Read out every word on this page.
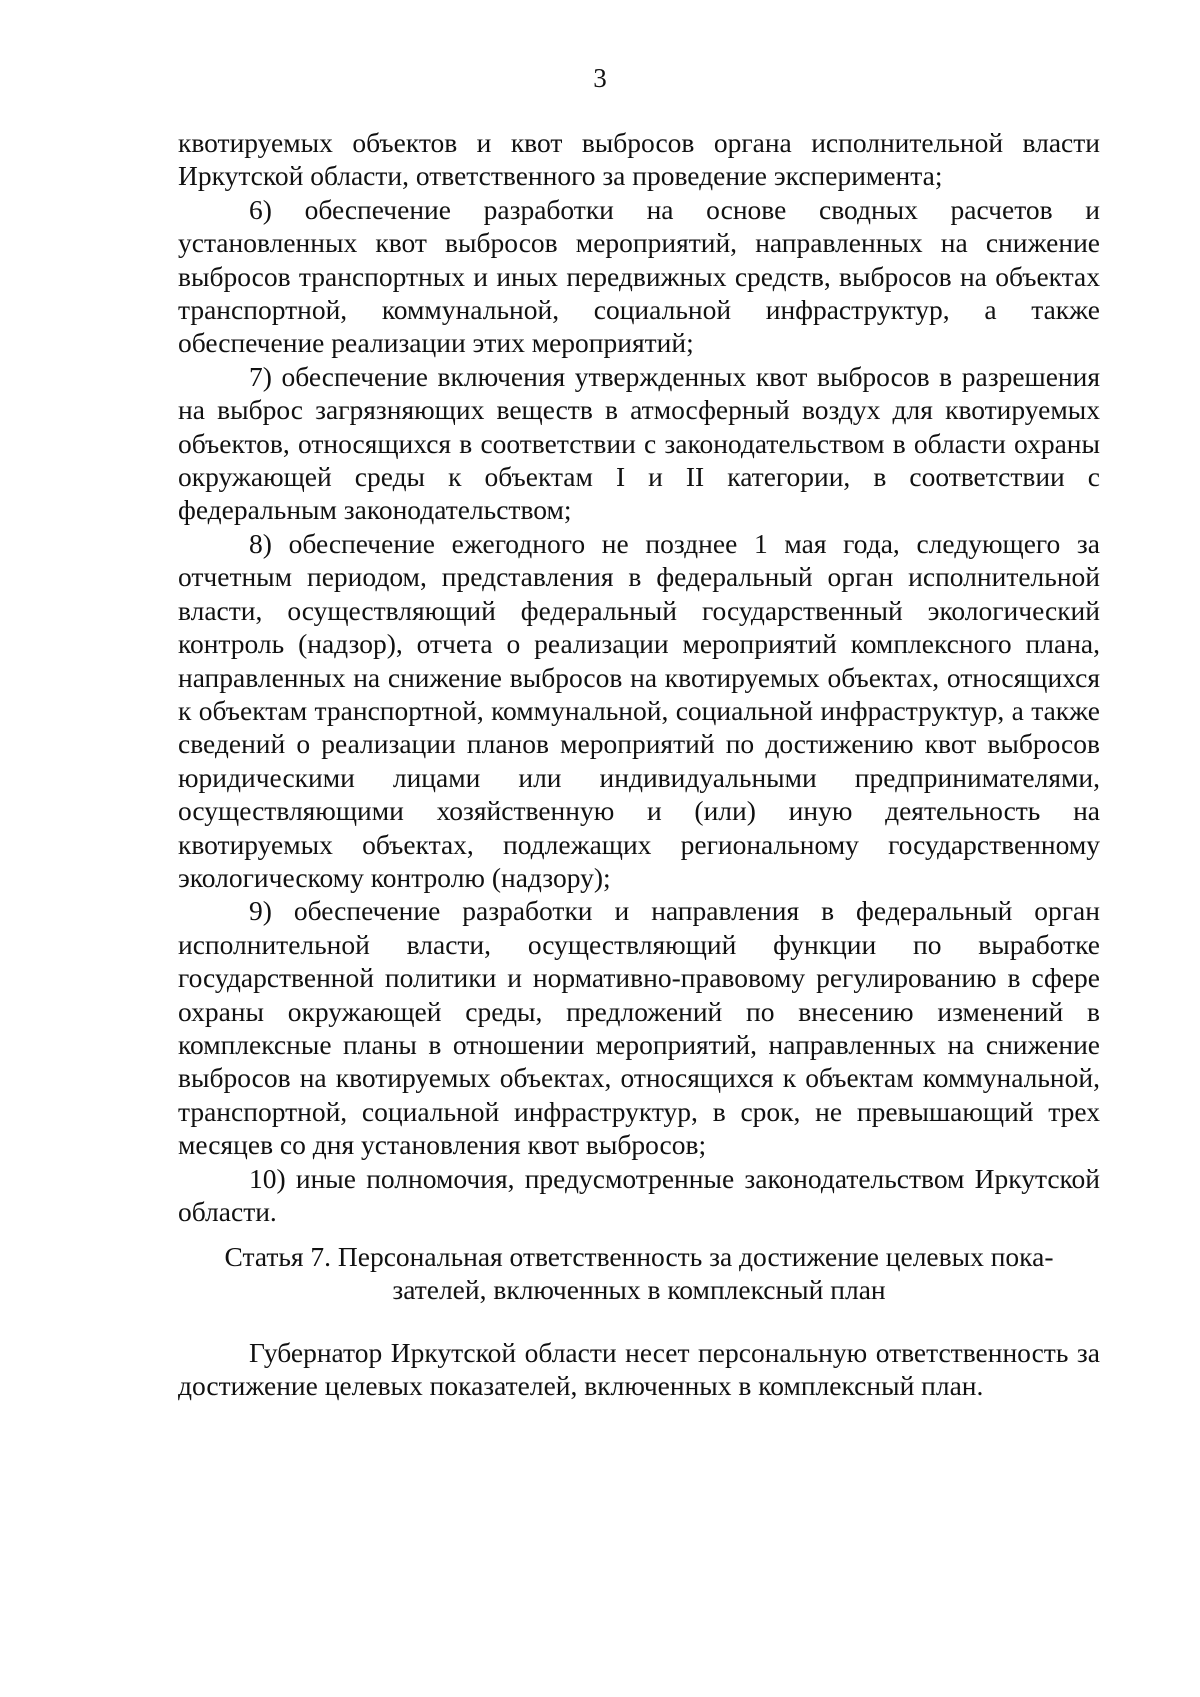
3

квотируемых объектов и квот выбросов органа исполнительной власти Иркутской области, ответственного за проведение эксперимента;

6) обеспечение разработки на основе сводных расчетов и установленных квот выбросов мероприятий, направленных на снижение выбросов транспортных и иных передвижных средств, выбросов на объектах транспортной, коммунальной, социальной инфраструктур, а также обеспечение реализации этих мероприятий;

7) обеспечение включения утвержденных квот выбросов в разрешения на выброс загрязняющих веществ в атмосферный воздух для квотируемых объектов, относящихся в соответствии с законодательством в области охраны окружающей среды к объектам I и II категории, в соответствии с федеральным законодательством;

8) обеспечение ежегодного не позднее 1 мая года, следующего за отчетным периодом, представления в федеральный орган исполнительной власти, осуществляющий федеральный государственный экологический контроль (надзор), отчета о реализации мероприятий комплексного плана, направленных на снижение выбросов на квотируемых объектах, относящихся к объектам транспортной, коммунальной, социальной инфраструктур, а также сведений о реализации планов мероприятий по достижению квот выбросов юридическими лицами или индивидуальными предпринимателями, осуществляющими хозяйственную и (или) иную деятельность на квотируемых объектах, подлежащих региональному государственному экологическому контролю (надзору);

9) обеспечение разработки и направления в федеральный орган исполнительной власти, осуществляющий функции по выработке государственной политики и нормативно-правовому регулированию в сфере охраны окружающей среды, предложений по внесению изменений в комплексные планы в отношении мероприятий, направленных на снижение выбросов на квотируемых объектах, относящихся к объектам коммунальной, транспортной, социальной инфраструктур, в срок, не превышающий трех месяцев со дня установления квот выбросов;

10) иные полномочия, предусмотренные законодательством Иркутской области.

Статья 7. Персональная ответственность за достижение целевых пока-
зателей, включенных в комплексный план

Губернатор Иркутской области несет персональную ответственность за достижение целевых показателей, включенных в комплексный план.
